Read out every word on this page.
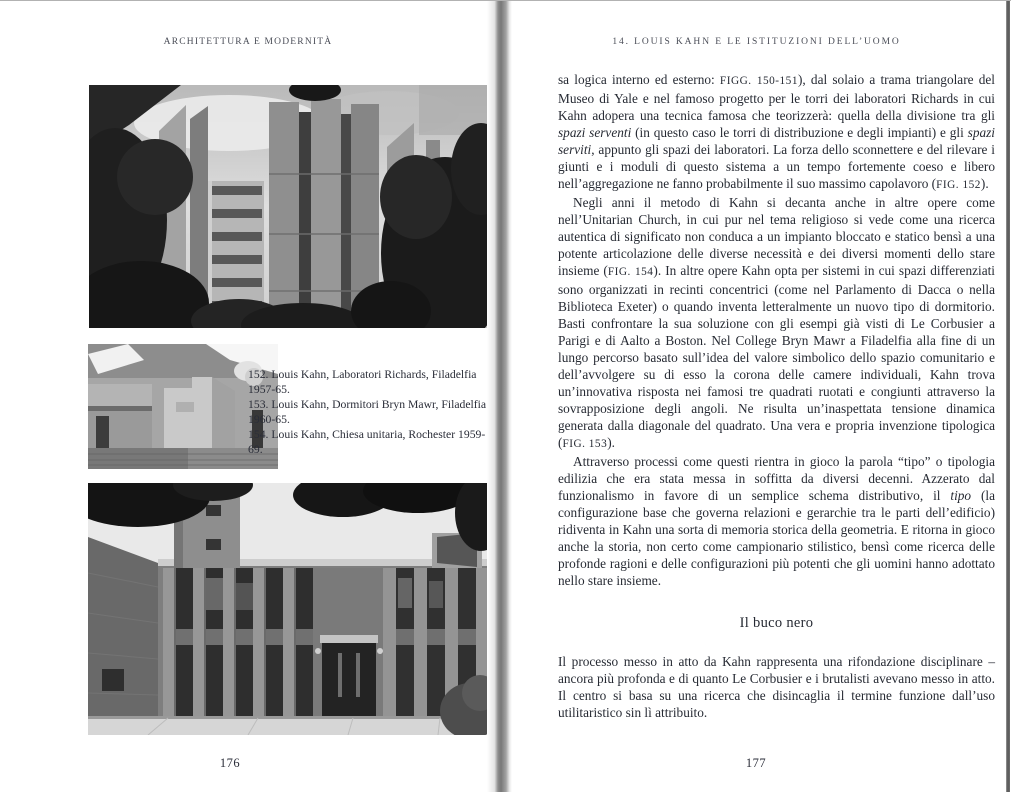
ARCHITETTURA E MODERNITÀ

152. Louis Kahn, Laboratori Richards, Filadelfia 1957-65.

153. Louis Kahn, Dormitori Bryn Mawr, Filadelfia 1960-65.

154. Louis Kahn, Chiesa unitaria, Rochester 1959-69.

176
14. LOUIS KAHN E LE ISTITUZIONI DELL’UOMO

sa logica interno ed esterno: FIGG. 150-151), dal solaio a trama triangolare del Museo di Yale e nel famoso progetto per le torri dei laboratori Richards in cui Kahn adopera una tecnica famosa che teorizzerà: quella della divisione tra gli spazi serventi (in questo caso le torri di distribuzione e degli impianti) e gli spazi serviti, appunto gli spazi dei laboratori. La forza dello sconnettere e del rilevare i giunti e i moduli di questo sistema a un tempo fortemente coeso e libero nell’aggregazione ne fanno probabilmente il suo massimo capolavoro (FIG. 152).

Negli anni il metodo di Kahn si decanta anche in altre opere come nell’Unitarian Church, in cui pur nel tema religioso si vede come una ricerca autentica di significato non conduca a un impianto bloccato e statico bensì a una potente articolazione delle diverse necessità e dei diversi momenti dello stare insieme (FIG. 154). In altre opere Kahn opta per sistemi in cui spazi differenziati sono organizzati in recinti concentrici (come nel Parlamento di Dacca o nella Biblioteca Exeter) o quando inventa letteralmente un nuovo tipo di dormitorio. Basti confrontare la sua soluzione con gli esempi già visti di Le Corbusier a Parigi e di Aalto a Boston. Nel College Bryn Mawr a Filadelfia alla fine di un lungo percorso basato sull’idea del valore simbolico dello spazio comunitario e dell’avvolgere su di esso la corona delle camere individuali, Kahn trova un’innovativa risposta nei famosi tre quadrati ruotati e congiunti attraverso la sovrapposizione degli angoli. Ne risulta un’inaspettata tensione dinamica generata dalla diagonale del quadrato. Una vera e propria invenzione tipologica (FIG. 153).

Attraverso processi come questi rientra in gioco la parola “tipo” o tipologia edilizia che era stata messa in soffitta da diversi decenni. Azzerato dal funzionalismo in favore di un semplice schema distributivo, il tipo (la configurazione base che governa relazioni e gerarchie tra le parti dell’edificio) ridiventa in Kahn una sorta di memoria storica della geometria. E ritorna in gioco anche la storia, non certo come campionario stilistico, bensì come ricerca delle profonde ragioni e delle configurazioni più potenti che gli uomini hanno adottato nello stare insieme.

Il buco nero

Il processo messo in atto da Kahn rappresenta una rifondazione disciplinare – ancora più profonda e di quanto Le Corbusier e i brutalisti avevano messo in atto. Il centro si basa su una ricerca che disincaglia il termine funzione dall’uso utilitaristico sin lì attribuito.

177
